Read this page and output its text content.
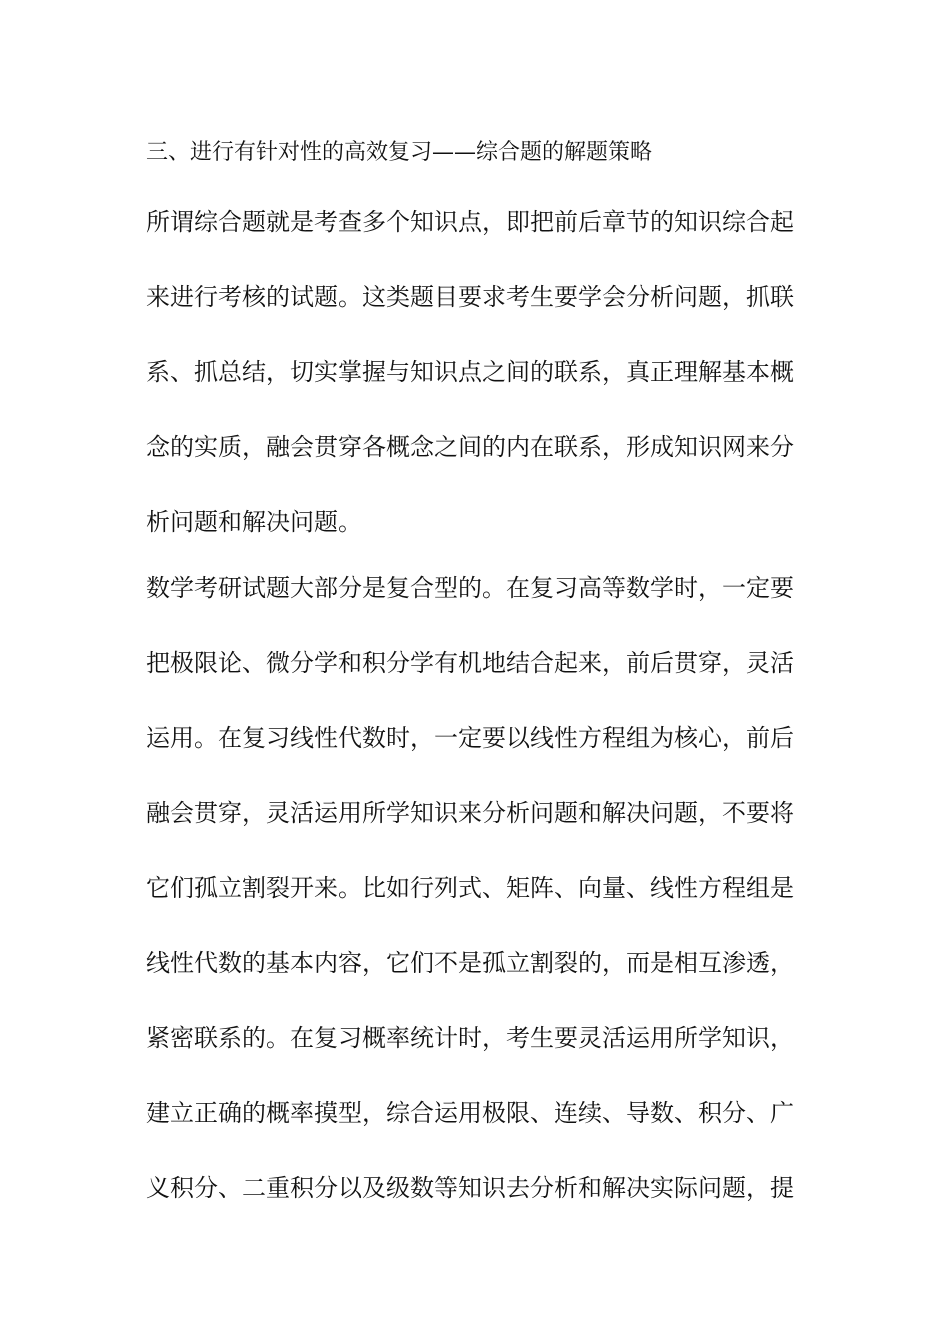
三、进行有针对性的高效复习——综合题的解题策略
所谓综合题就是考查多个知识点，即把前后章节的知识综合起
来进行考核的试题。这类题目要求考生要学会分析问题，抓联
系、抓总结，切实掌握与知识点之间的联系，真正理解基本概
念的实质，融会贯穿各概念之间的内在联系，形成知识网来分
析问题和解决问题。
数学考研试题大部分是复合型的。在复习高等数学时，一定要
把极限论、微分学和积分学有机地结合起来，前后贯穿，灵活
运用。在复习线性代数时，一定要以线性方程组为核心，前后
融会贯穿，灵活运用所学知识来分析问题和解决问题，不要将
它们孤立割裂开来。比如行列式、矩阵、向量、线性方程组是
线性代数的基本内容，它们不是孤立割裂的，而是相互渗透，
紧密联系的。在复习概率统计时，考生要灵活运用所学知识，
建立正确的概率摸型，综合运用极限、连续、导数、积分、广
义积分、二重积分以及级数等知识去分析和解决实际问题，提
